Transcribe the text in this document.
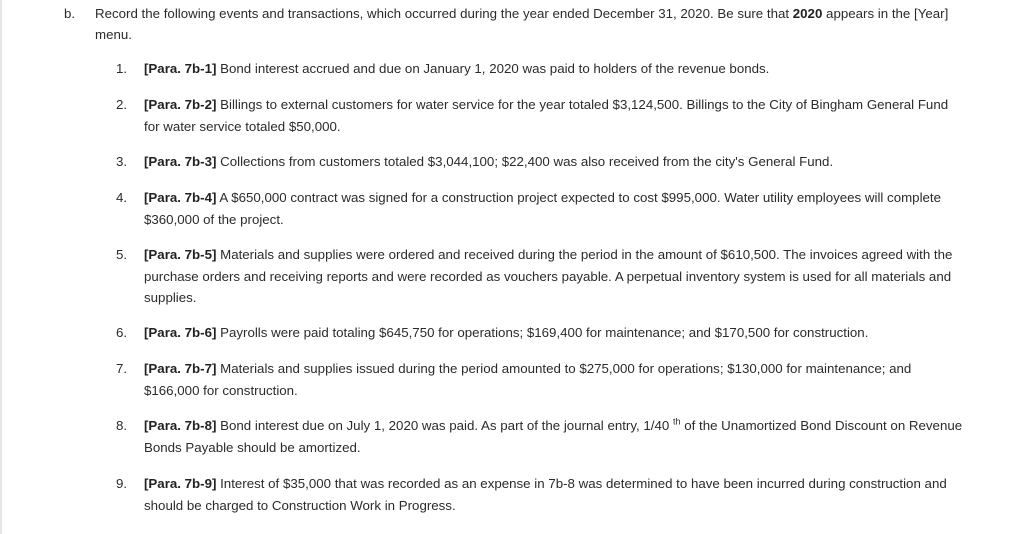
b. Record the following events and transactions, which occurred during the year ended December 31, 2020. Be sure that 2020 appears in the [Year] menu.
1.	[Para. 7b-1] Bond interest accrued and due on January 1, 2020 was paid to holders of the revenue bonds.
2.	[Para. 7b-2] Billings to external customers for water service for the year totaled $3,124,500. Billings to the City of Bingham General Fund for water service totaled $50,000.
3.	[Para. 7b-3] Collections from customers totaled $3,044,100; $22,400 was also received from the city's General Fund.
4.	[Para. 7b-4] A $650,000 contract was signed for a construction project expected to cost $995,000. Water utility employees will complete $360,000 of the project.
5.	[Para. 7b-5] Materials and supplies were ordered and received during the period in the amount of $610,500. The invoices agreed with the purchase orders and receiving reports and were recorded as vouchers payable. A perpetual inventory system is used for all materials and supplies.
6.	[Para. 7b-6] Payrolls were paid totaling $645,750 for operations; $169,400 for maintenance; and $170,500 for construction.
7.	[Para. 7b-7] Materials and supplies issued during the period amounted to $275,000 for operations; $130,000 for maintenance; and $166,000 for construction.
8.	[Para. 7b-8] Bond interest due on July 1, 2020 was paid. As part of the journal entry, 1/40 $^{th}$ of the Unamortized Bond Discount on Revenue Bonds Payable should be amortized.
9.	[Para. 7b-9] Interest of $35,000 that was recorded as an expense in 7b-8 was determined to have been incurred during construction and should be charged to Construction Work in Progress.
